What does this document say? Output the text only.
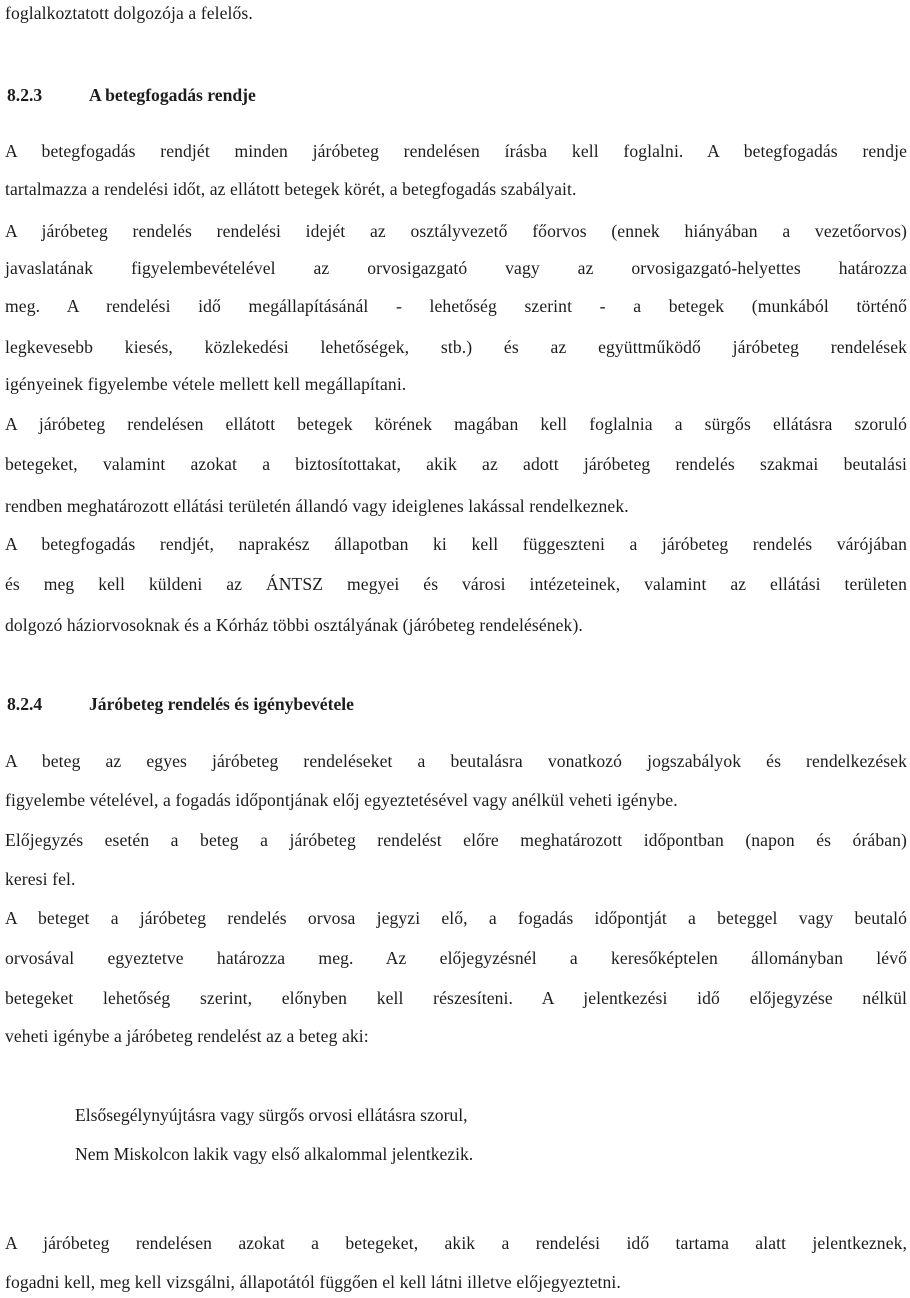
foglalkoztatott dolgozója a felelős.
8.2.3	A betegfogadás rendje
A betegfogadás rendjét minden járóbeteg rendelésen írásba kell foglalni. A betegfogadás rendje
tartalmazza a rendelési időt, az ellátott betegek körét, a betegfogadás szabályait.
A járóbeteg rendelés rendelési idejét az osztályvezető főorvos (ennek hiányában a vezetőorvos)
javaslatának figyelembevételével az orvosigazgató vagy az orvosigazgató-helyettes határozza
meg. A rendelési idő megállapításánál - lehetőség szerint - a betegek (munkából történő
legkevesebb kiesés, közlekedési lehetőségek, stb.) és az együttműködő járóbeteg rendelések
igényeinek figyelembe vétele mellett kell megállapítani.
A járóbeteg rendelésen ellátott betegek körének magában kell foglalnia a sürgős ellátásra szoruló
betegeket, valamint azokat a biztosítottakat, akik az adott járóbeteg rendelés szakmai beutalási
rendben meghatározott ellátási területén állandó vagy ideiglenes lakással rendelkeznek.
A betegfogadás rendjét, naprakész állapotban ki kell függeszteni a járóbeteg rendelés várójában
és meg kell küldeni az ÁNTSZ megyei és városi intézeteinek, valamint az ellátási területen
dolgozó háziorvosoknak és a Kórház többi osztályának (járóbeteg rendelésének).
8.2.4	Járóbeteg rendelés és igénybevétele
A beteg az egyes járóbeteg rendeléseket a beutalásra vonatkozó jogszabályok és rendelkezések
figyelembe vételével, a fogadás időpontjának előj egyeztetésével vagy anélkül veheti igénybe.
Előjegyzés esetén a beteg a járóbeteg rendelést előre meghatározott időpontban (napon és órában)
keresi fel.
A beteget a járóbeteg rendelés orvosa jegyzi elő, a fogadás időpontját a beteggel vagy beutaló
orvosával egyeztetve határozza meg. Az előjegyzésnél a keresőképtelen állományban lévő
betegeket lehetőség szerint, előnyben kell részesíteni. A jelentkezési idő előjegyzése nélkül
veheti igénybe a járóbeteg rendelést az a beteg aki:
Elsősegélynyújtásra vagy sürgős orvosi ellátásra szorul,
Nem Miskolcon lakik vagy első alkalommal jelentkezik.
A járóbeteg rendelésen azokat a betegeket, akik a rendelési idő tartama alatt jelentkeznek,
fogadni kell, meg kell vizsgálni, állapotától függően el kell látni illetve előjegyeztetni.
